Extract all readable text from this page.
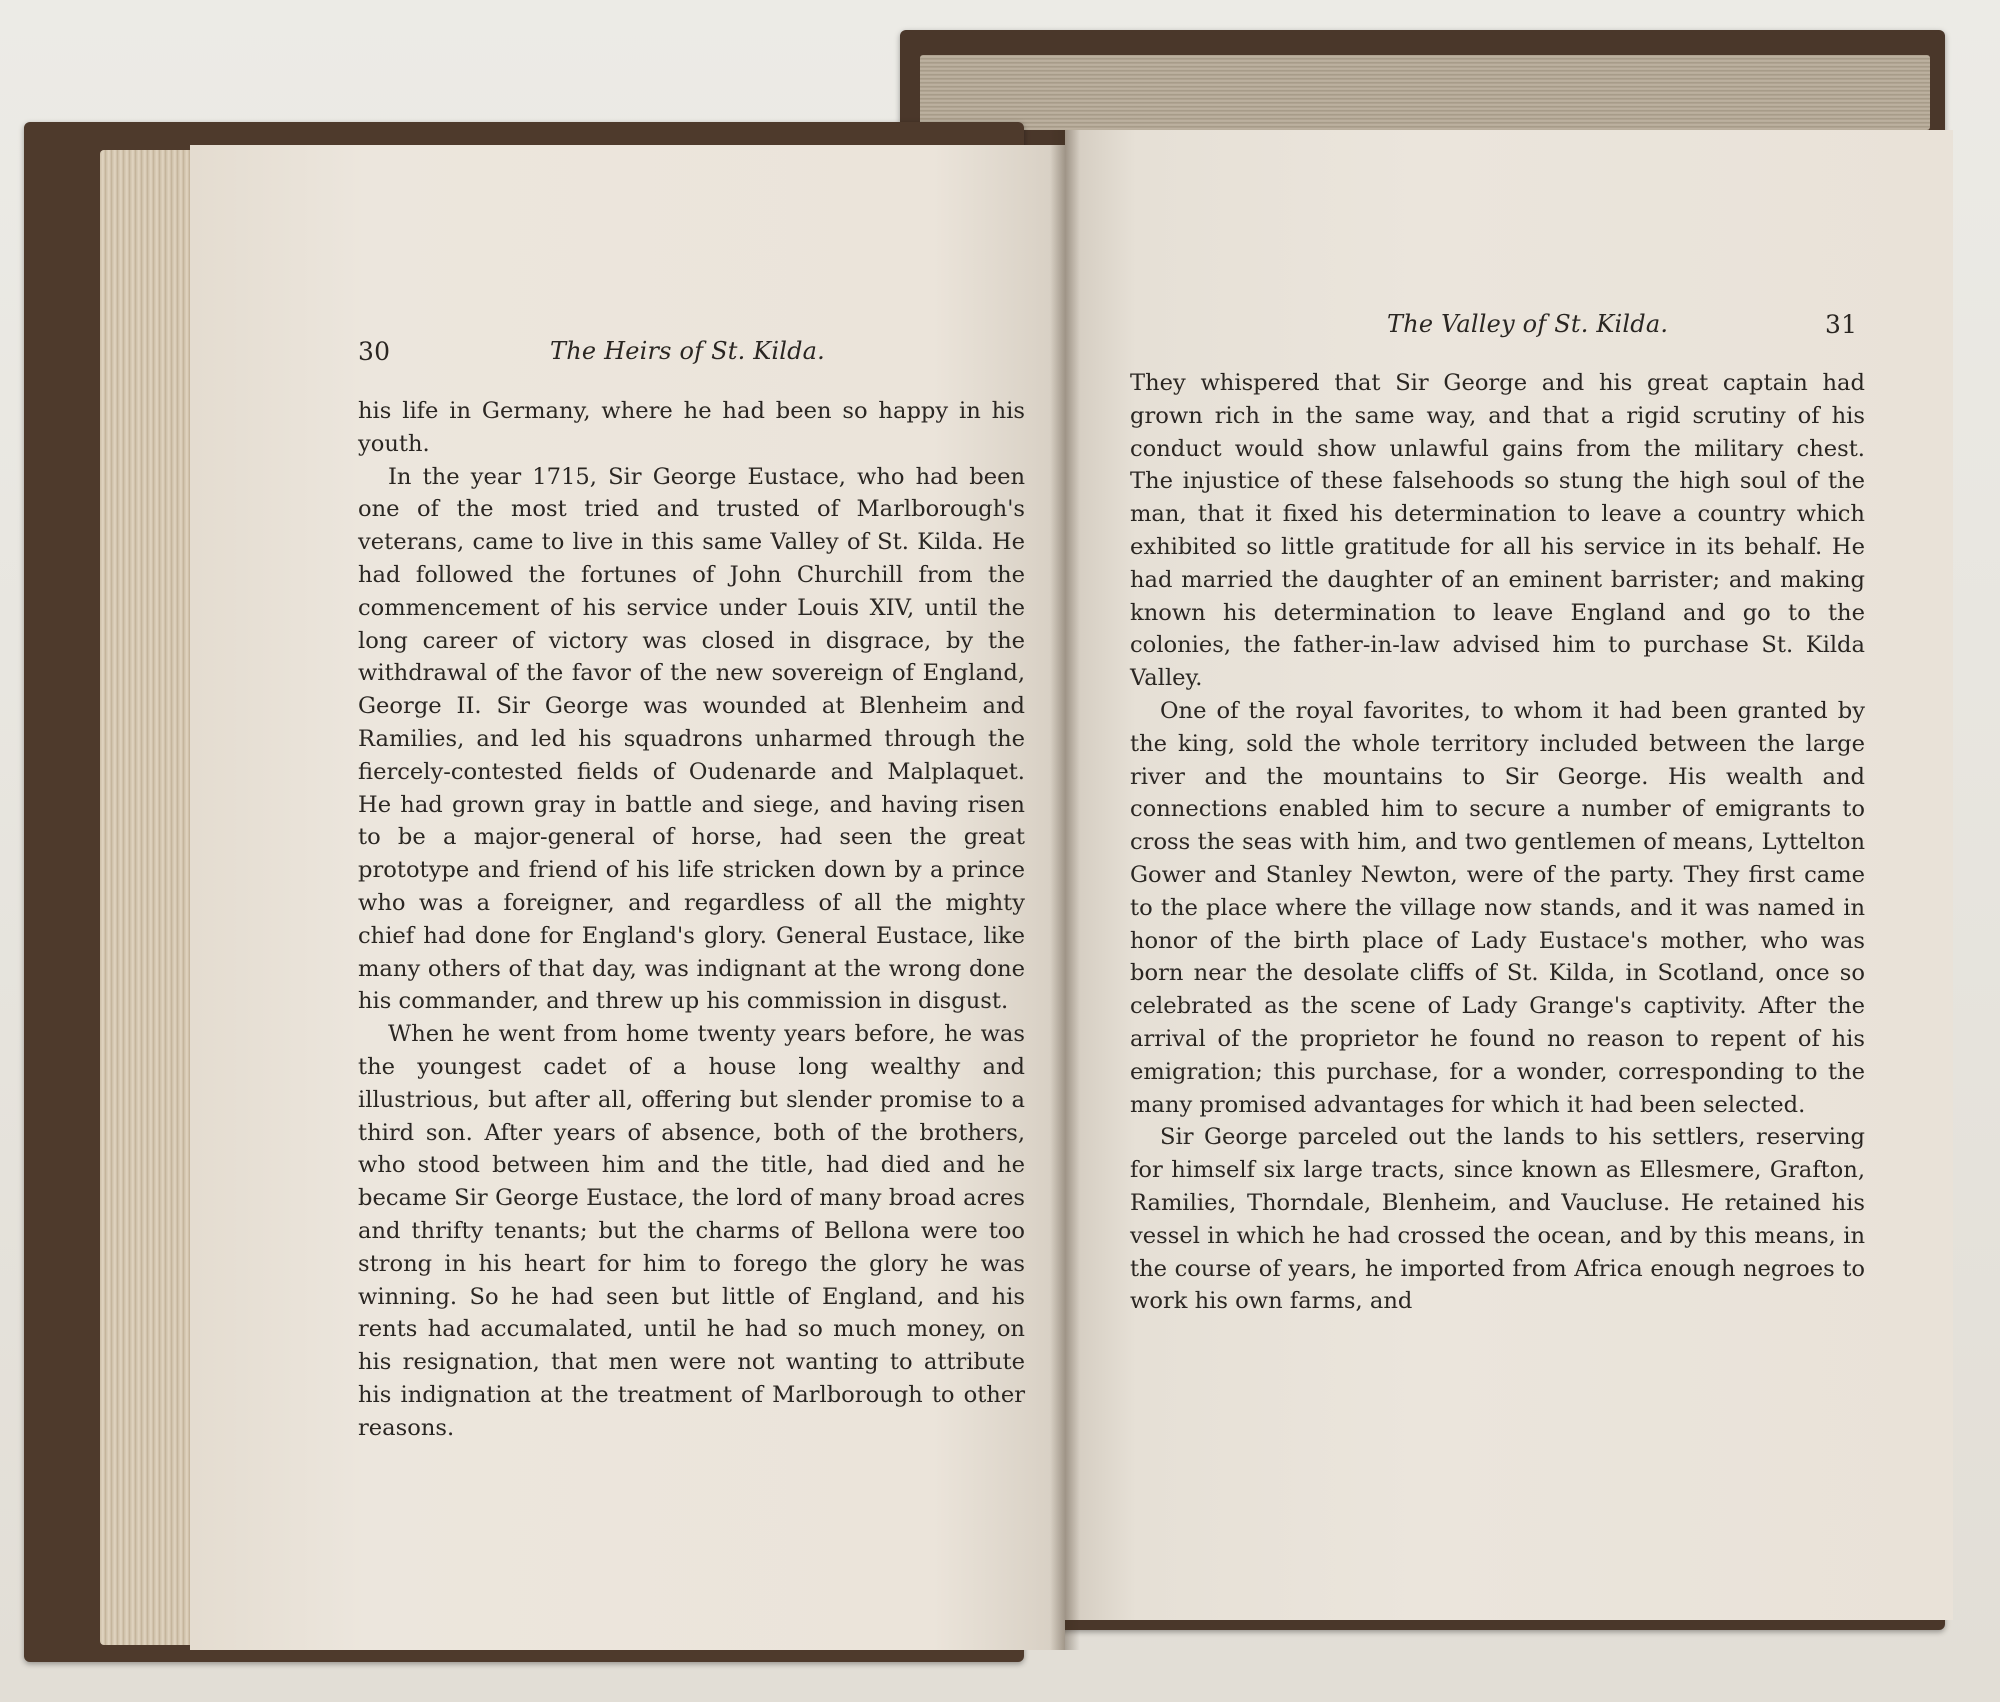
30	The Heirs of St. Kilda.

his life in Germany, where he had been so happy in his youth.

In the year 1715, Sir George Eustace, who had been one of the most tried and trusted of Marlborough's veterans, came to live in this same Valley of St. Kilda. He had followed the fortunes of John Churchill from the commencement of his service under Louis XIV, until the long career of victory was closed in disgrace, by the withdrawal of the favor of the new sovereign of England, George II. Sir George was wounded at Blenheim and Ramilies, and led his squadrons unharmed through the fiercely-contested fields of Oudenarde and Malplaquet. He had grown gray in battle and siege, and having risen to be a major-general of horse, had seen the great prototype and friend of his life stricken down by a prince who was a foreigner, and regardless of all the mighty chief had done for England's glory. General Eustace, like many others of that day, was indignant at the wrong done his commander, and threw up his commission in disgust.

When he went from home twenty years before, he was the youngest cadet of a house long wealthy and illustrious, but after all, offering but slender promise to a third son. After years of absence, both of the brothers, who stood between him and the title, had died and he became Sir George Eustace, the lord of many broad acres and thrifty tenants; but the charms of Bellona were too strong in his heart for him to forego the glory he was winning. So he had seen but little of England, and his rents had accumalated, until he had so much money, on his resignation, that men were not wanting to attribute his indignation at the treatment of Marlborough to other reasons.

The Valley of St. Kilda.	31

They whispered that Sir George and his great captain had grown rich in the same way, and that a rigid scrutiny of his conduct would show unlawful gains from the military chest. The injustice of these falsehoods so stung the high soul of the man, that it fixed his determination to leave a country which exhibited so little gratitude for all his service in its behalf. He had married the daughter of an eminent barrister; and making known his determination to leave England and go to the colonies, the father-in-law advised him to purchase St. Kilda Valley.

One of the royal favorites, to whom it had been granted by the king, sold the whole territory included between the large river and the mountains to Sir George. His wealth and connections enabled him to secure a number of emigrants to cross the seas with him, and two gentlemen of means, Lyttelton Gower and Stanley Newton, were of the party. They first came to the place where the village now stands, and it was named in honor of the birth place of Lady Eustace's mother, who was born near the desolate cliffs of St. Kilda, in Scotland, once so celebrated as the scene of Lady Grange's captivity. After the arrival of the proprietor he found no reason to repent of his emigration; this purchase, for a wonder, corresponding to the many promised advantages for which it had been selected.

Sir George parceled out the lands to his settlers, reserving for himself six large tracts, since known as Ellesmere, Grafton, Ramilies, Thorndale, Blenheim, and Vaucluse. He retained his vessel in which he had crossed the ocean, and by this means, in the course of years, he imported from Africa enough negroes to work his own farms, and
